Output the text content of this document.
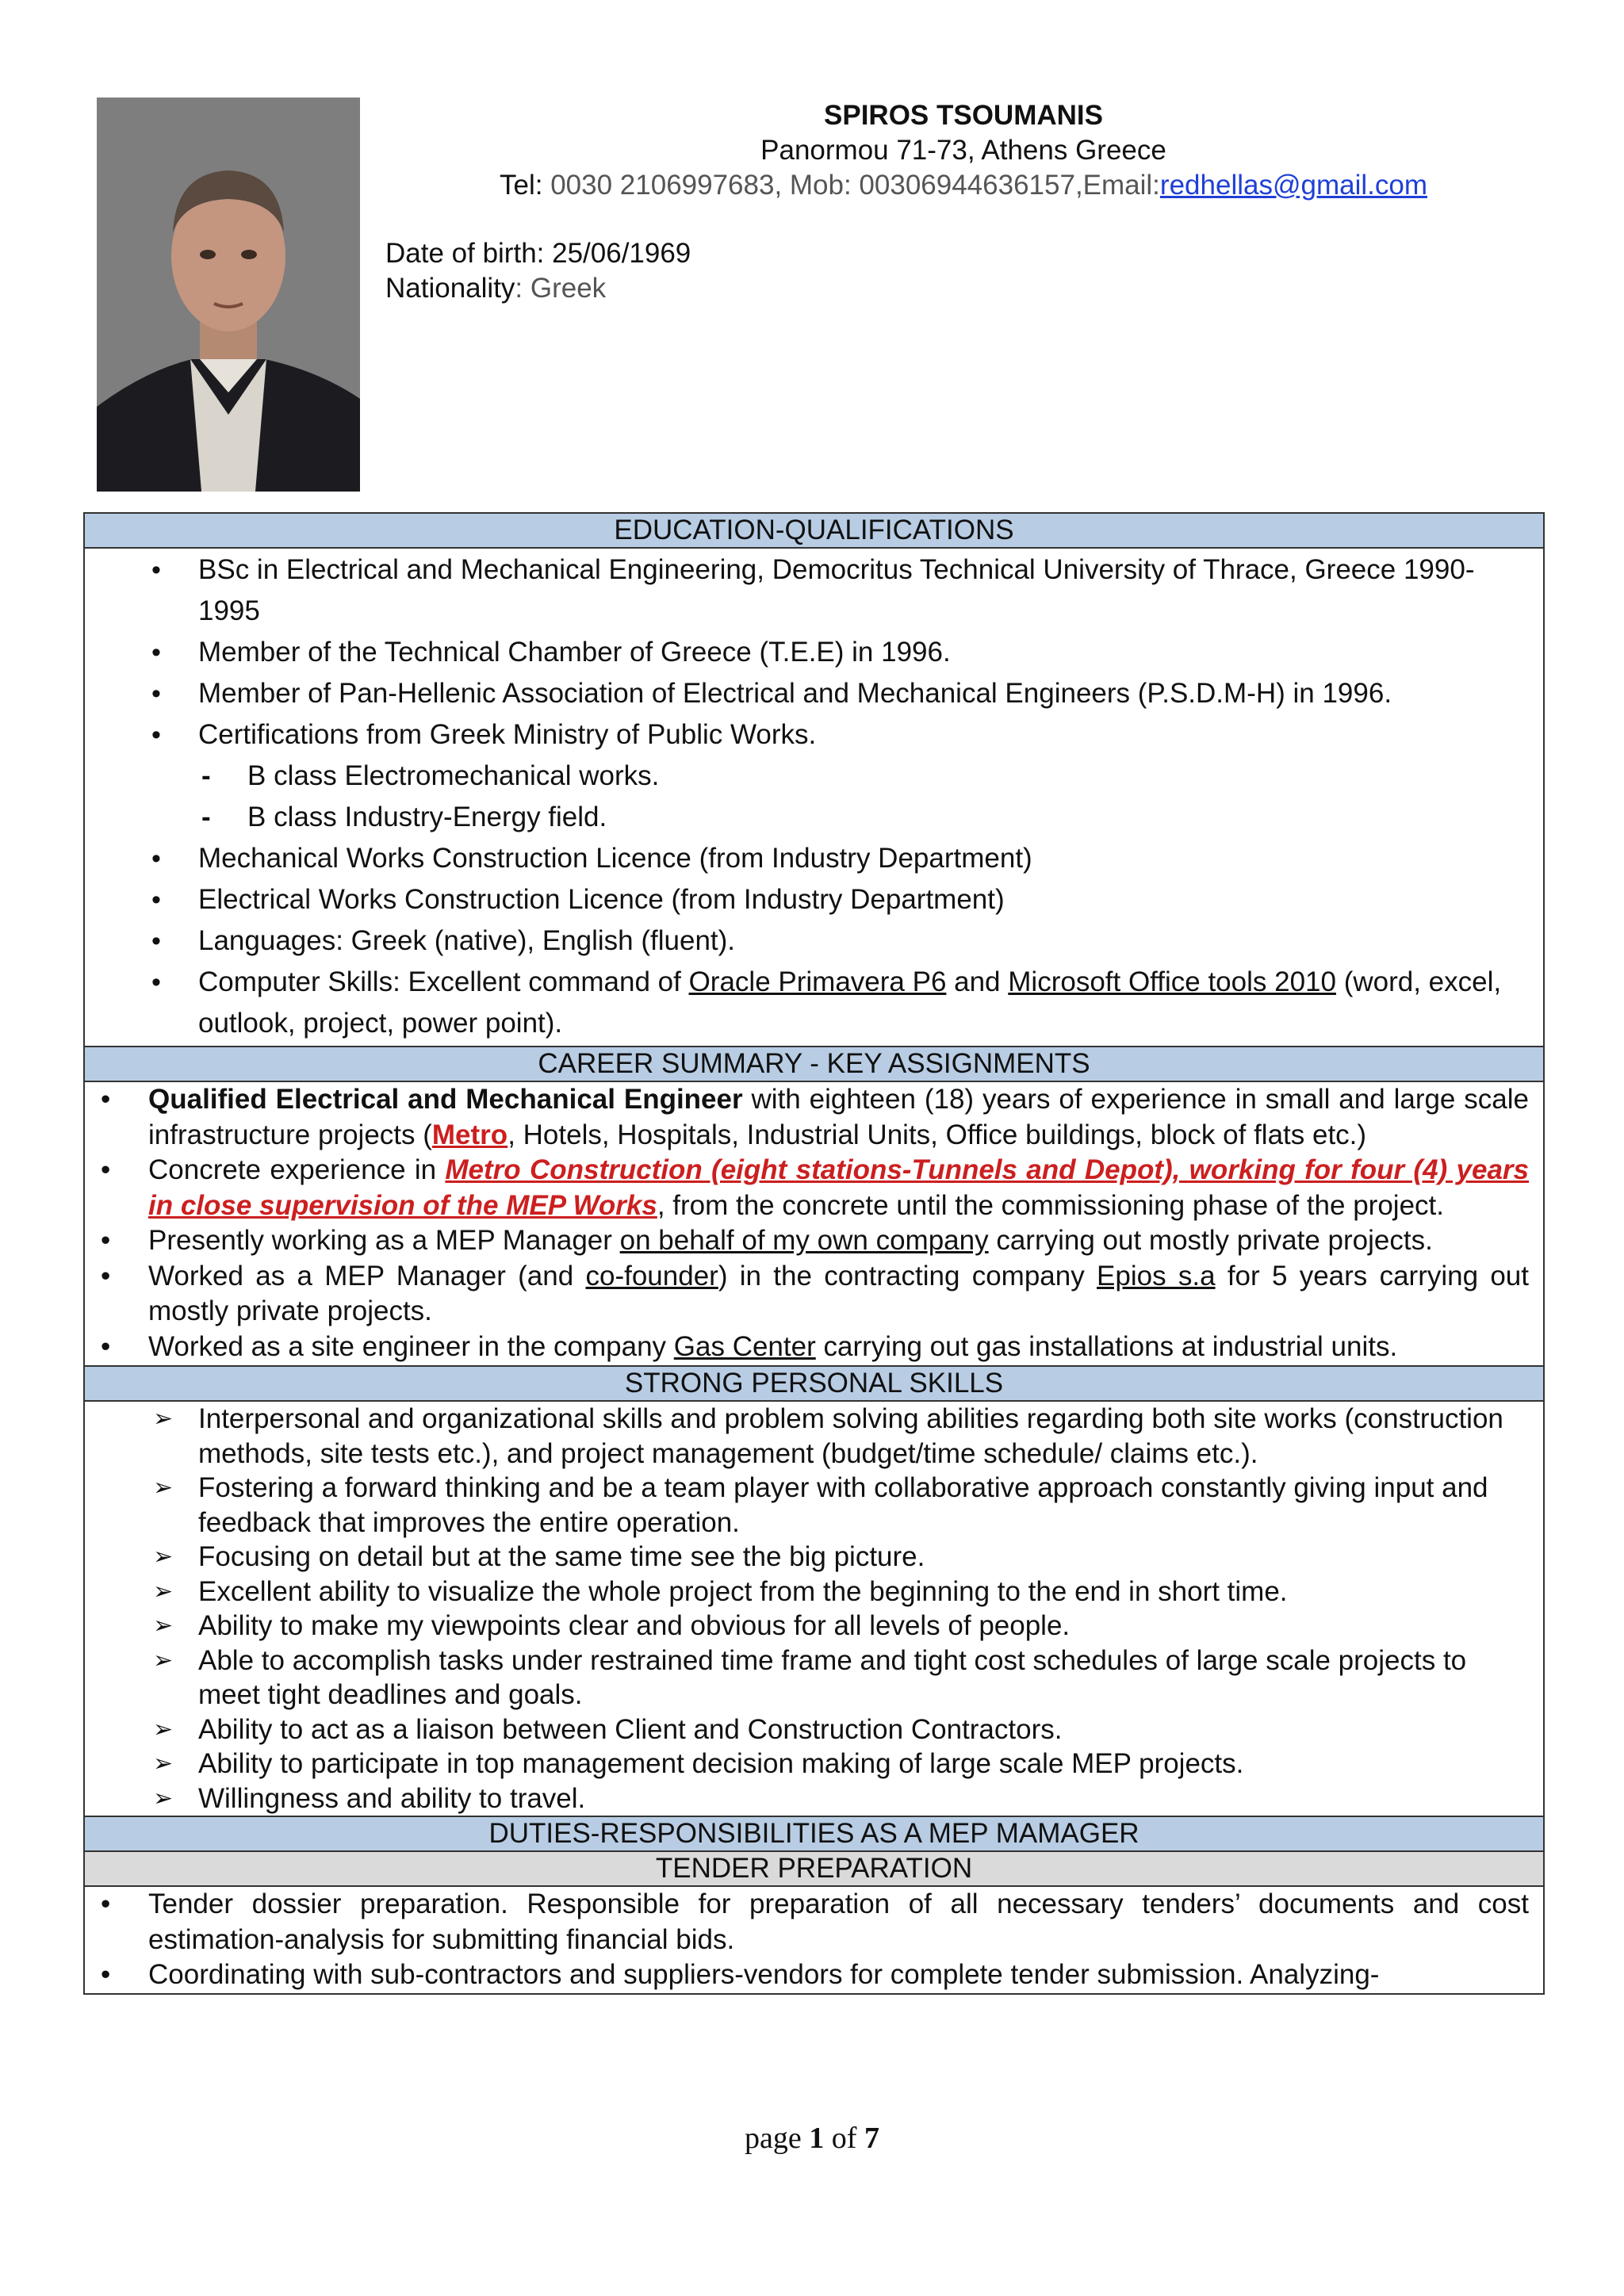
SPIROS TSOUMANIS
Panormou 71-73, Athens Greece
Tel: 0030 2106997683, Mob: 00306944636157,Email:redhellas@gmail.com
Date of birth: 25/06/1969
Nationality: Greek
EDUCATION-QUALIFICATIONS

• BSc in Electrical and Mechanical Engineering, Democritus Technical University of Thrace, Greece 1990-1995
• Member of the Technical Chamber of Greece (T.E.E) in 1996.
• Member of Pan-Hellenic Association of Electrical and Mechanical Engineers (P.S.D.M-H) in 1996.
• Certifications from Greek Ministry of Public Works.
- B class Electromechanical works.
- B class Industry-Energy field.
• Mechanical Works Construction Licence (from Industry Department)
• Electrical Works Construction Licence (from Industry Department)
• Languages: Greek (native), English (fluent).
• Computer Skills: Excellent command of Oracle Primavera P6 and Microsoft Office tools 2010 (word, excel, outlook, project, power point).

CAREER SUMMARY - KEY ASSIGNMENTS

• Qualified Electrical and Mechanical Engineer with eighteen (18) years of experience in small and large scale infrastructure projects (Metro, Hotels, Hospitals, Industrial Units, Office buildings, block of flats etc.)
• Concrete experience in Metro Construction (eight stations-Tunnels and Depot), working for four (4) years in close supervision of the MEP Works, from the concrete until the commissioning phase of the project.
• Presently working as a MEP Manager on behalf of my own company carrying out mostly private projects.
• Worked as a MEP Manager (and co-founder) in the contracting company Epios s.a for 5 years carrying out mostly private projects.
• Worked as a site engineer in the company Gas Center carrying out gas installations at industrial units.

STRONG PERSONAL SKILLS

➢ Interpersonal and organizational skills and problem solving abilities regarding both site works (construction methods, site tests etc.), and project management (budget/time schedule/ claims etc.).
➢ Fostering a forward thinking and be a team player with collaborative approach constantly giving input and feedback that improves the entire operation.
➢ Focusing on detail but at the same time see the big picture.
➢ Excellent ability to visualize the whole project from the beginning to the end in short time.
➢ Ability to make my viewpoints clear and obvious for all levels of people.
➢ Able to accomplish tasks under restrained time frame and tight cost schedules of large scale projects to meet tight deadlines and goals.
➢ Ability to act as a liaison between Client and Construction Contractors.
➢ Ability to participate in top management decision making of large scale MEP projects.
➢ Willingness and ability to travel.

DUTIES-RESPONSIBILITIES AS A MEP MAMAGER
TENDER PREPARATION

• Tender dossier preparation. Responsible for preparation of all necessary tenders’ documents and cost estimation-analysis for submitting financial bids.
• Coordinating with sub-contractors and suppliers-vendors for complete tender submission. Analyzing-
page 1 of 7
